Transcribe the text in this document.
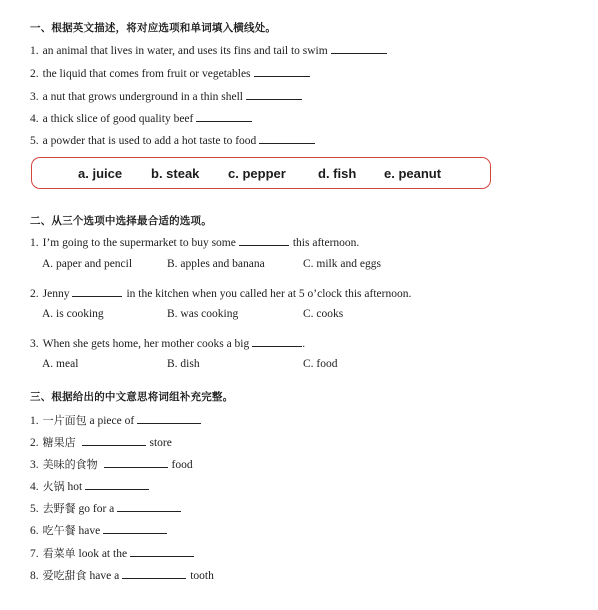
一、根据英文描述，将对应选项和单词填入横线处。
1. an animal that lives in water, and uses its fins and tail to swim
2. the liquid that comes from fruit or vegetables
3. a nut that grows underground in a thin shell
4. a thick slice of good quality beef
5. a powder that is used to add a hot taste to food
a. juice b. steak c. pepper d. fish e. peanut
二、从三个选项中选择最合适的选项。
1. I’m going to the supermarket to buy some	this afternoon.
A. paper and pencil	B. apples and banana	C. milk and eggs
2. Jenny	in the kitchen when you called her at 5 o’clock this afternoon.
A. is cooking	B. was cooking	C. cooks
3. When she gets home, her mother cooks a big	.
A. meal	B. dish	C. food
三、根据给出的中文意思将词组补充完整。
1. 一片面包 a piece of
2. 糖果店	store
3. 美味的食物	food
4. 火锅 hot
5. 去野餐 go for a
6. 吃午餐 have
7. 看菜单 look at the
8. 爱吃甜食 have a	tooth
